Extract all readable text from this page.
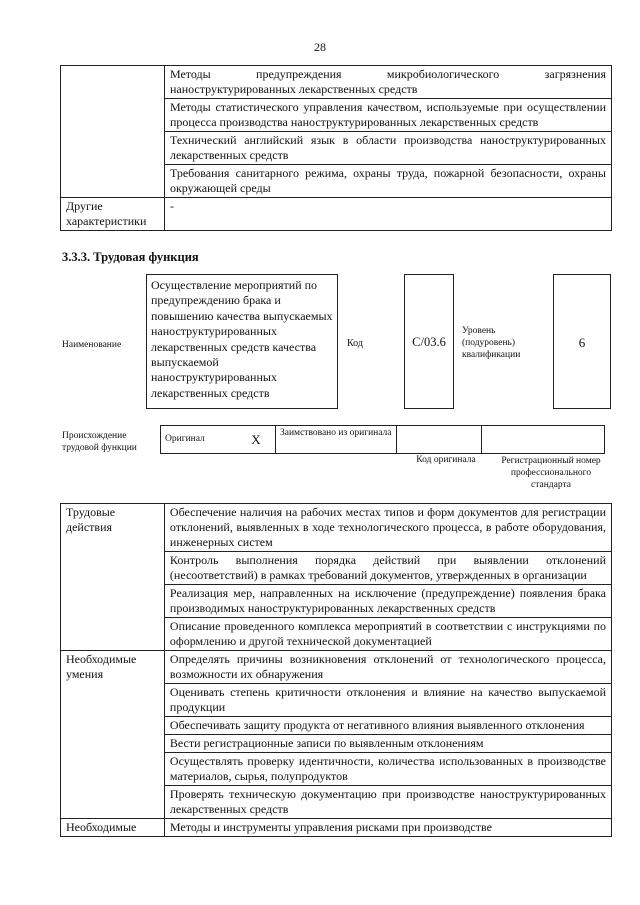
28
	Методы предупреждения микробиологического загрязнения наноструктурированных лекарственных средств
	Методы статистического управления качеством, используемые при осуществлении процесса производства наноструктурированных лекарственных средств
	Технический английский язык в области производства наноструктурированных лекарственных средств
	Требования санитарного режима, охраны труда, пожарной безопасности, охраны окружающей среды
Другие характеристики	-
3.3.3. Трудовая функция
Наименование
Осуществление мероприятий по предупреждению брака и повышению качества выпускаемых наноструктурированных лекарственных средств качества выпускаемой наноструктурированных лекарственных средств
Код	C/03.6
Уровень (подуровень) квалификации
6
Происхождение трудовой функции
Оригинал	X	Заимствовано из оригинала		
Код оригинала	Регистрационный номер профессионального стандарта
Трудовые действия	Обеспечение наличия на рабочих местах типов и форм документов для регистрации отклонений, выявленных в ходе технологического процесса, в работе оборудования, инженерных систем
	Контроль выполнения порядка действий при выявлении отклонений (несоответствий) в рамках требований документов, утвержденных в организации
	Реализация мер, направленных на исключение (предупреждение) появления брака производимых наноструктурированных лекарственных средств
	Описание проведенного комплекса мероприятий в соответствии с инструкциями по оформлению и другой технической документацией
Необходимые умения	Определять причины возникновения отклонений от технологического процесса, возможности их обнаружения
	Оценивать степень критичности отклонения и влияние на качество выпускаемой продукции
	Обеспечивать защиту продукта от негативного влияния выявленного отклонения
	Вести регистрационные записи по выявленным отклонениям
	Осуществлять проверку идентичности, количества использованных в производстве материалов, сырья, полупродуктов
	Проверять техническую документацию при производстве наноструктурированных лекарственных средств
Необходимые	Методы и инструменты управления рисками при производстве
